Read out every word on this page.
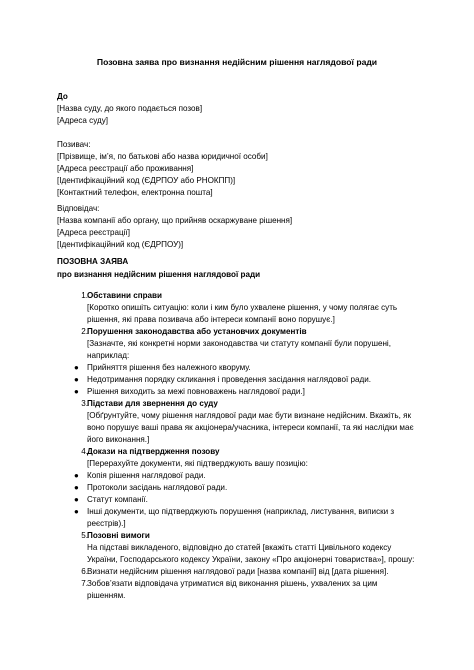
Позовна заява про визнання недійсним рішення наглядової ради
До
[Назва суду, до якого подається позов]
[Адреса суду]
Позивач:
[Прізвище, ім’я, по батькові або назва юридичної особи]
[Адреса реєстрації або проживання]
[Ідентифікаційний код (ЄДРПОУ або РНОКПП)]
[Контактний телефон, електронна пошта]
Відповідач:
[Назва компанії або органу, що прийняв оскаржуване рішення]
[Адреса реєстрації]
[Ідентифікаційний код (ЄДРПОУ)]
ПОЗОВНА ЗАЯВА
про визнання недійсним рішення наглядової ради
1. Обставини справи
[Коротко опишіть ситуацію: коли і ким було ухвалене рішення, у чому полягає суть рішення, які права позивача або інтереси компанії воно порушує.]
2. Порушення законодавства або установчих документів
[Зазначте, які конкретні норми законодавства чи статуту компанії були порушені, наприклад:
● Прийняття рішення без належного кворуму.
● Недотримання порядку скликання і проведення засідання наглядової ради.
● Рішення виходить за межі повноважень наглядової ради.]
3. Підстави для звернення до суду
[Обґрунтуйте, чому рішення наглядової ради має бути визнане недійсним. Вкажіть, як воно порушує ваші права як акціонера/учасника, інтереси компанії, та які наслідки має його виконання.]
4. Докази на підтвердження позову
[Перерахуйте документи, які підтверджують вашу позицію:
● Копія рішення наглядової ради.
● Протоколи засідань наглядової ради.
● Статут компанії.
● Інші документи, що підтверджують порушення (наприклад, листування, виписки з реєстрів).]
5. Позовні вимоги
На підставі викладеного, відповідно до статей [вкажіть статті Цивільного кодексу України, Господарського кодексу України, закону «Про акціонерні товариства»], прошу:
6. Визнати недійсним рішення наглядової ради [назва компанії] від [дата рішення].
7. Зобов’язати відповідача утриматися від виконання рішень, ухвалених за цим рішенням.
